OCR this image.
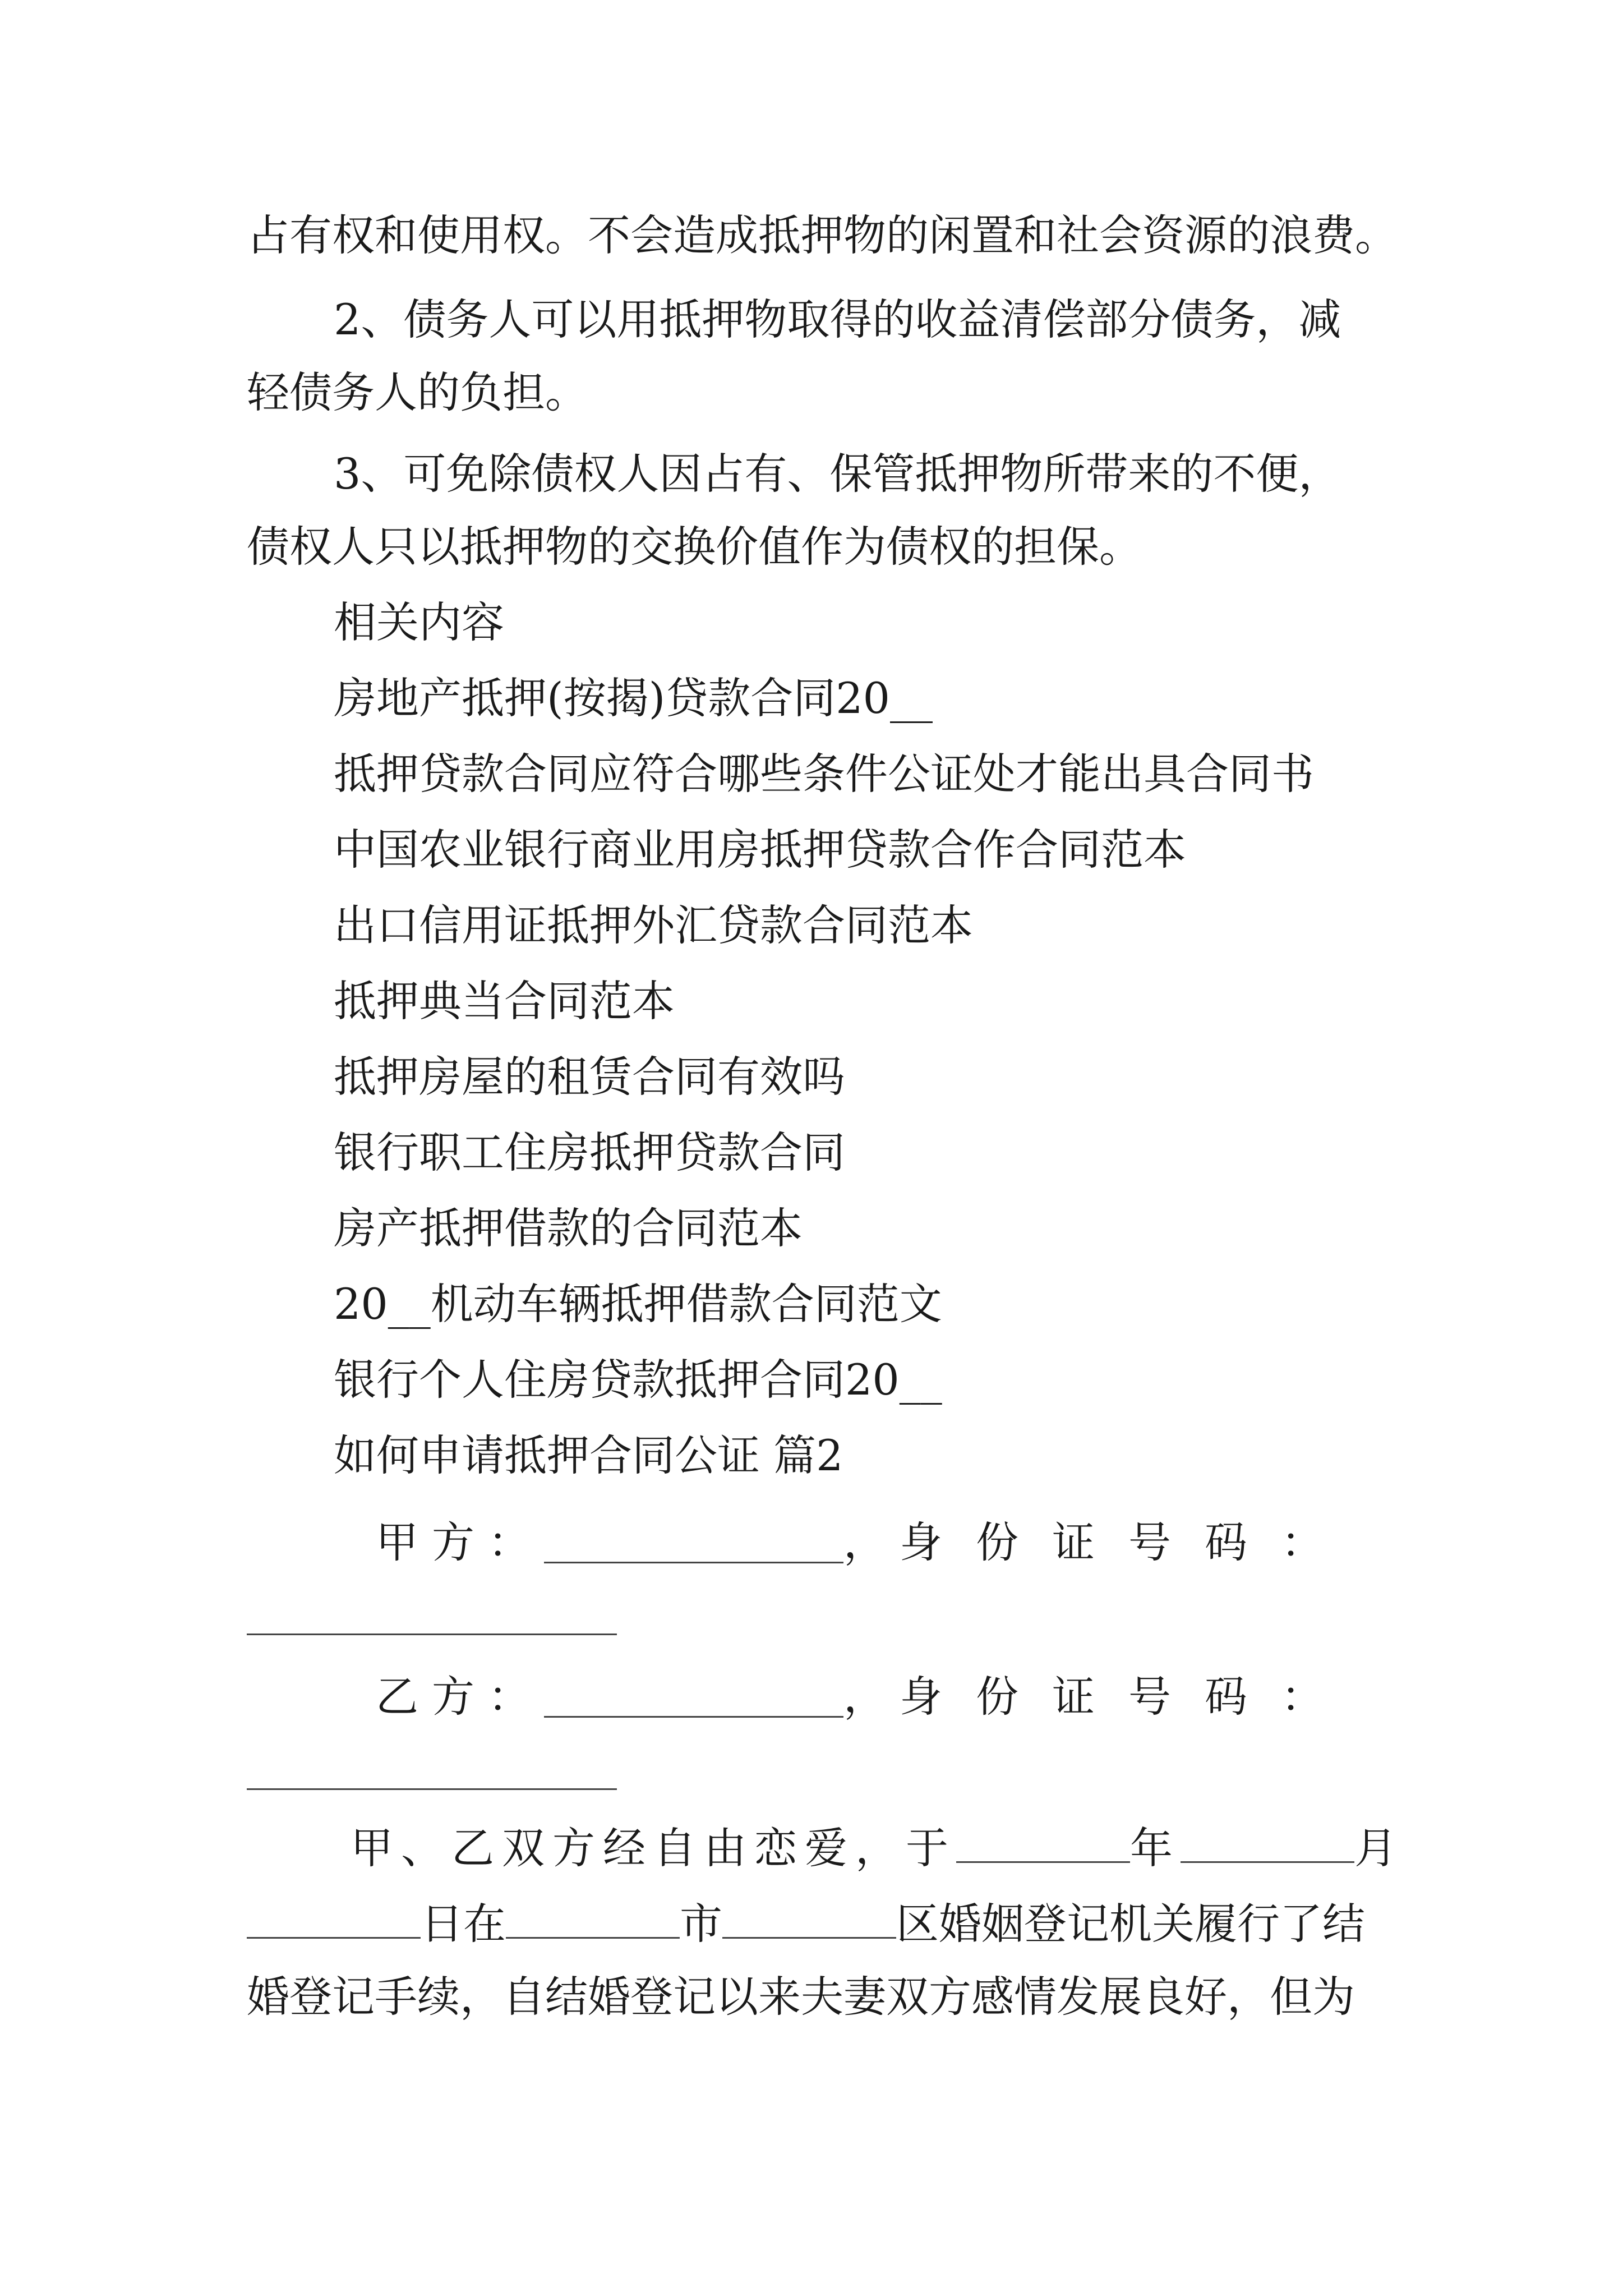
占有权和使用权。不会造成抵押物的闲置和社会资源的浪费。
2、债务人可以用抵押物取得的收益清偿部分债务，减
轻债务人的负担。
3、可免除债权人因占有、保管抵押物所带来的不便，
债权人只以抵押物的交换价值作为债权的担保。
相关内容
房地产抵押(按揭)贷款合同20__
抵押贷款合同应符合哪些条件公证处才能出具合同书
中国农业银行商业用房抵押贷款合作合同范本
出口信用证抵押外汇贷款合同范本
抵押典当合同范本
抵押房屋的租赁合同有效吗
银行职工住房抵押贷款合同
房产抵押借款的合同范本
20__机动车辆抵押借款合同范文
银行个人住房贷款抵押合同20__
如何申请抵押合同公证 篇2
甲方：	， 身份证号码：
乙方：	， 身份证号码：
甲、乙双方经自由恋爱，于	年	月
日在	市	区婚姻登记机关履行了结
婚登记手续，自结婚登记以来夫妻双方感情发展良好，但为
